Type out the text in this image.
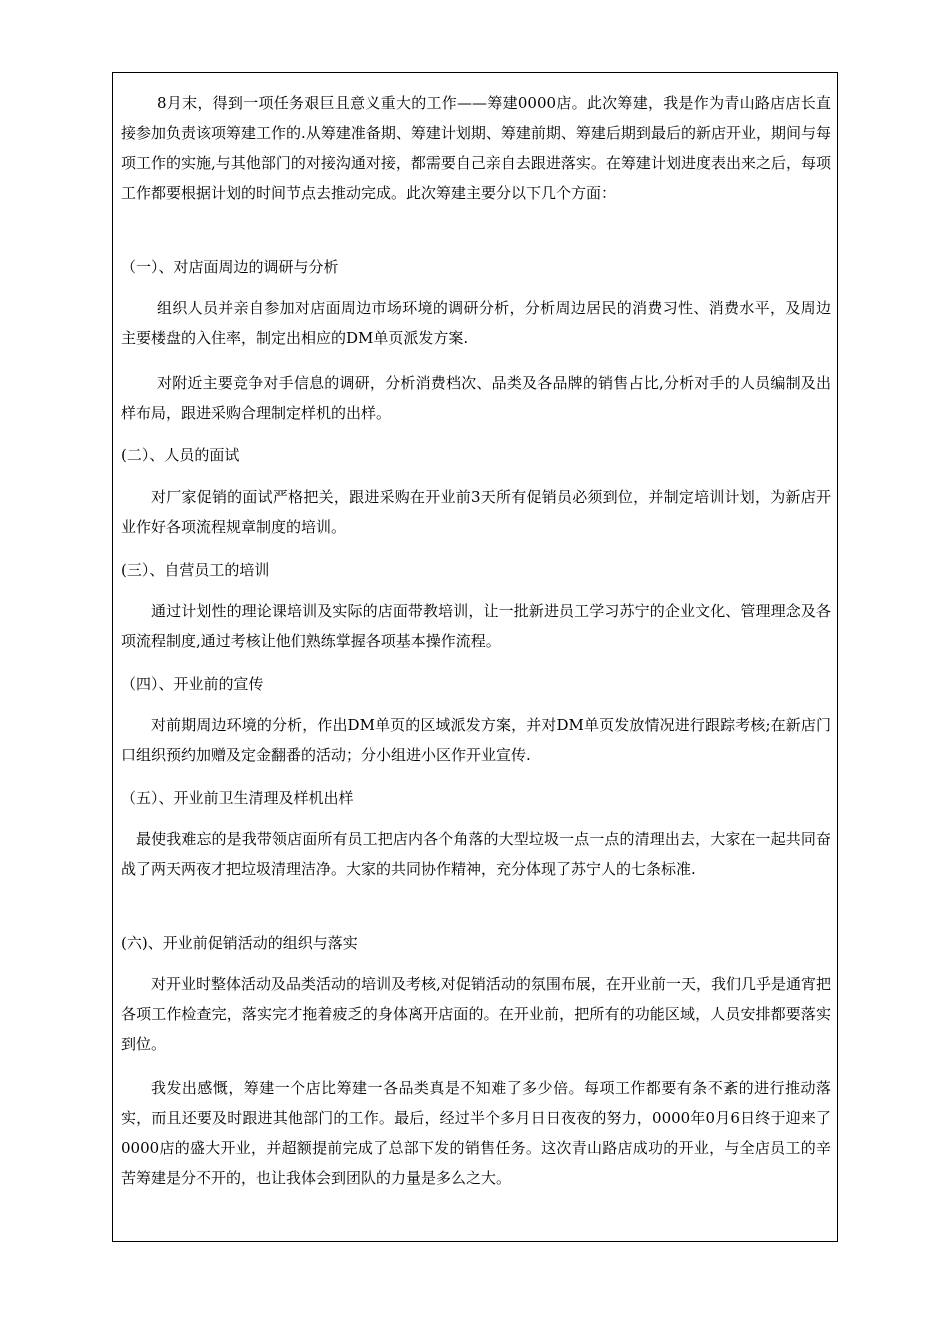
8月末，得到一项任务艰巨且意义重大的工作——筹建0000店。此次筹建，我是作为青山路店店长直接参加负责该项筹建工作的.从筹建准备期、筹建计划期、筹建前期、筹建后期到最后的新店开业，期间与每项工作的实施,与其他部门的对接沟通对接，都需要自己亲自去跟进落实。在筹建计划进度表出来之后，每项工作都要根据计划的时间节点去推动完成。此次筹建主要分以下几个方面：

（一）、对店面周边的调研与分析

组织人员并亲自参加对店面周边市场环境的调研分析，分析周边居民的消费习性、消费水平，及周边主要楼盘的入住率，制定出相应的DM单页派发方案.

对附近主要竞争对手信息的调研，分析消费档次、品类及各品牌的销售占比,分析对手的人员编制及出样布局，跟进采购合理制定样机的出样。

(二）、人员的面试

对厂家促销的面试严格把关，跟进采购在开业前3天所有促销员必须到位，并制定培训计划，为新店开业作好各项流程规章制度的培训。

(三）、自营员工的培训

通过计划性的理论课培训及实际的店面带教培训，让一批新进员工学习苏宁的企业文化、管理理念及各项流程制度,通过考核让他们熟练掌握各项基本操作流程。

（四）、开业前的宣传

对前期周边环境的分析，作出DM单页的区域派发方案，并对DM单页发放情况进行跟踪考核;在新店门口组织预约加赠及定金翻番的活动；分小组进小区作开业宣传.

（五）、开业前卫生清理及样机出样

最使我难忘的是我带领店面所有员工把店内各个角落的大型垃圾一点一点的清理出去，大家在一起共同奋战了两天两夜才把垃圾清理洁净。大家的共同协作精神，充分体现了苏宁人的七条标准.

(六)、开业前促销活动的组织与落实

对开业时整体活动及品类活动的培训及考核,对促销活动的氛围布展，在开业前一天，我们几乎是通宵把各项工作检查完，落实完才拖着疲乏的身体离开店面的。在开业前，把所有的功能区域，人员安排都要落实到位。

我发出感慨，筹建一个店比筹建一各品类真是不知难了多少倍。每项工作都要有条不紊的进行推动落实，而且还要及时跟进其他部门的工作。最后，经过半个多月日日夜夜的努力，0000年0月6日终于迎来了0000店的盛大开业，并超额提前完成了总部下发的销售任务。这次青山路店成功的开业，与全店员工的辛苦筹建是分不开的，也让我体会到团队的力量是多么之大。
